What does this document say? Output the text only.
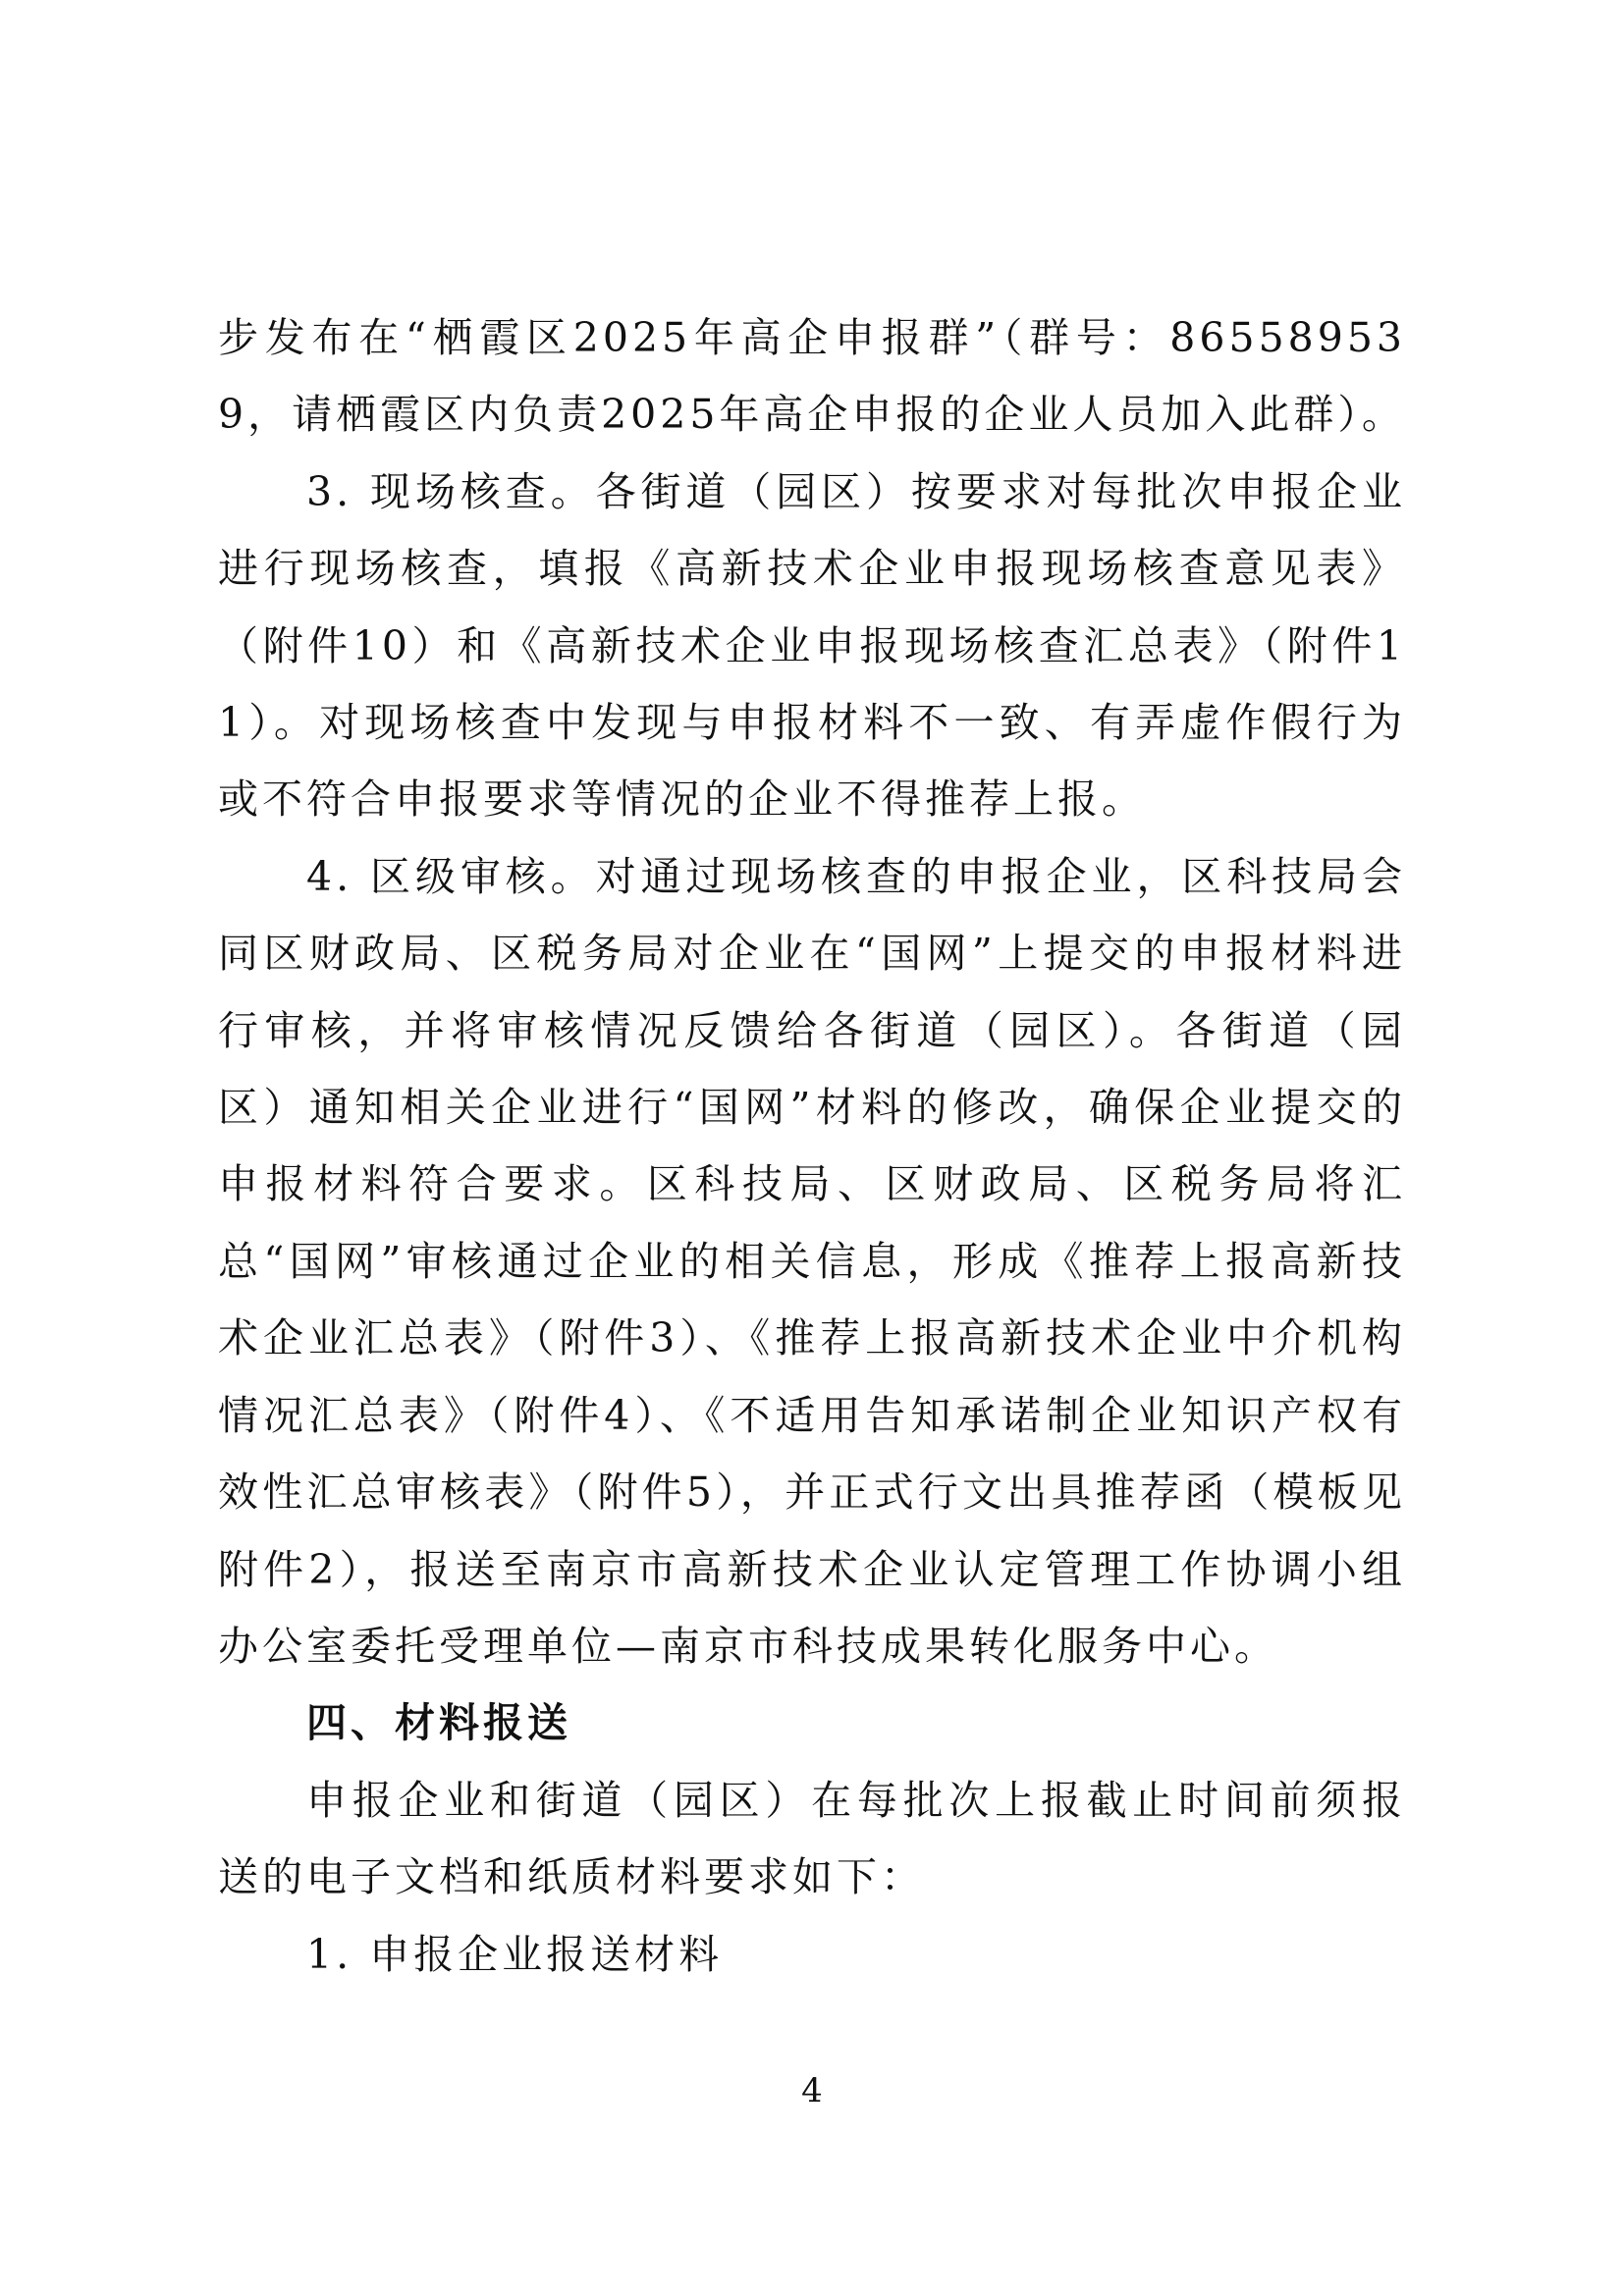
步发布在“栖霞区2025年高企申报群”（群号：865589539，请栖霞区内负责2025年高企申报的企业人员加入此群）。

3. 现场核查。各街道（园区）按要求对每批次申报企业进行现场核查，填报《高新技术企业申报现场核查意见表》（附件10）和《高新技术企业申报现场核查汇总表》（附件11）。对现场核查中发现与申报材料不一致、有弄虚作假行为或不符合申报要求等情况的企业不得推荐上报。

4. 区级审核。对通过现场核查的申报企业，区科技局会同区财政局、区税务局对企业在“国网”上提交的申报材料进行审核，并将审核情况反馈给各街道（园区）。各街道（园区）通知相关企业进行“国网”材料的修改，确保企业提交的申报材料符合要求。区科技局、区财政局、区税务局将汇总“国网”审核通过企业的相关信息，形成《推荐上报高新技术企业汇总表》（附件3）、《推荐上报高新技术企业中介机构情况汇总表》（附件4）、《不适用告知承诺制企业知识产权有效性汇总审核表》（附件5），并正式行文出具推荐函（模板见附件2），报送至南京市高新技术企业认定管理工作协调小组办公室委托受理单位—南京市科技成果转化服务中心。

四、材料报送

申报企业和街道（园区）在每批次上报截止时间前须报送的电子文档和纸质材料要求如下：

1. 申报企业报送材料

4
